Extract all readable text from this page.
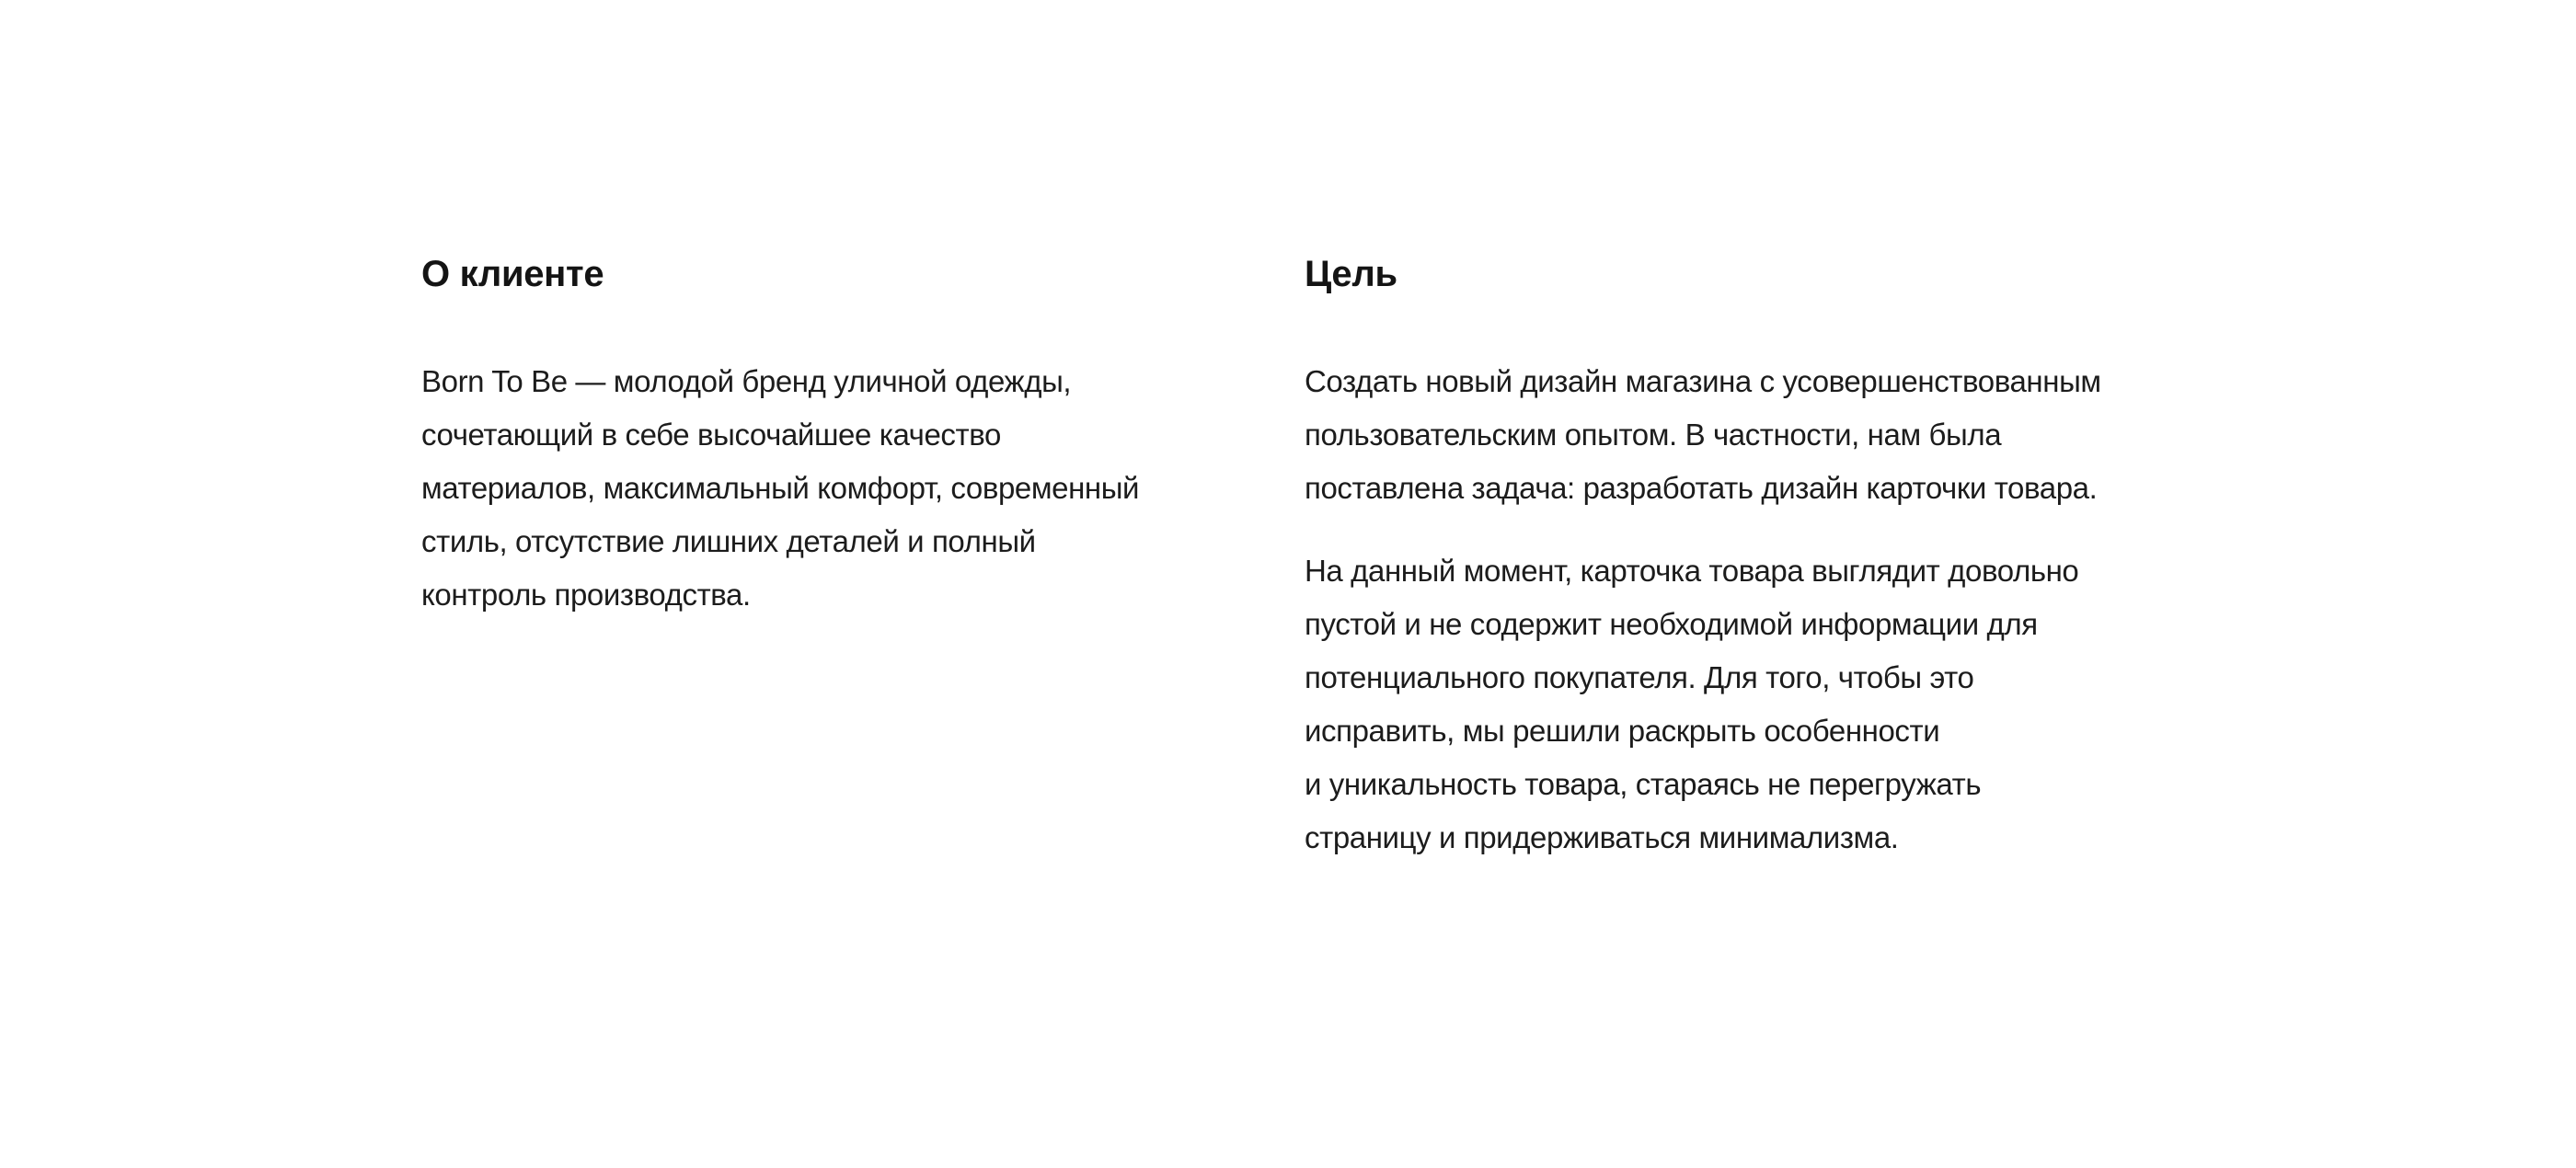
О клиенте

Born To Be — молодой бренд уличной одежды,
сочетающий в себе высочайшее качество
материалов, максимальный комфорт, современный
стиль, отсутствие лишних деталей и полный
контроль производства.

Цель

Создать новый дизайн магазина с усовершенствованным
пользовательским опытом. В частности, нам была
поставлена задача: разработать дизайн карточки товара.

На данный момент, карточка товара выглядит довольно
пустой и не содержит необходимой информации для
потенциального покупателя. Для того, чтобы это
исправить, мы решили раскрыть особенности
и уникальность товара, стараясь не перегружать
страницу и придерживаться минимализма.
